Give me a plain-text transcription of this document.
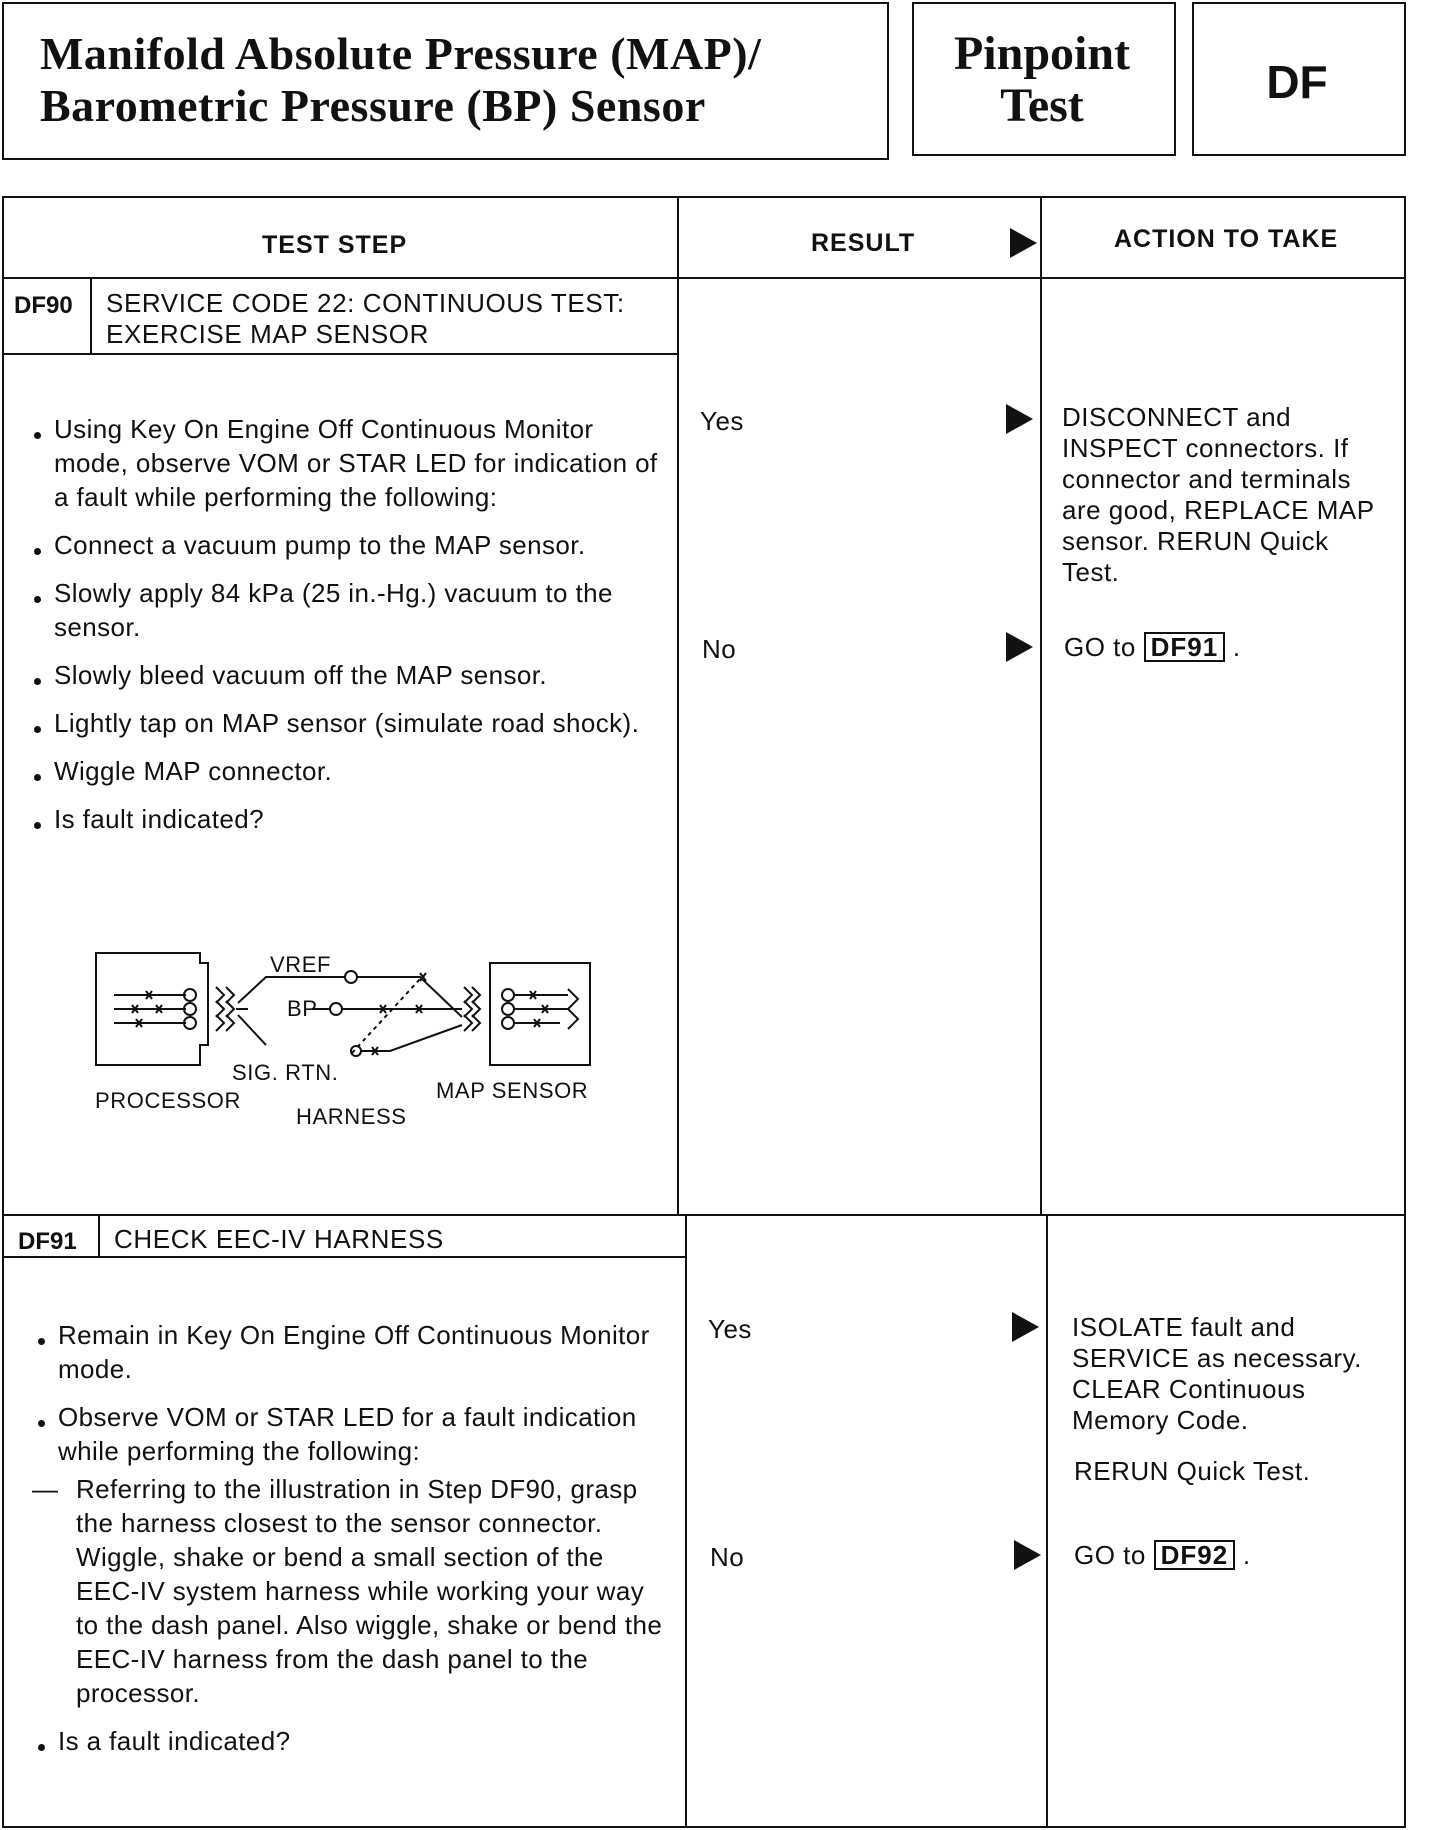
Manifold Absolute Pressure (MAP)/
Barometric Pressure (BP) Sensor
Pinpoint
Test	DF
TEST STEP	RESULT	ACTION TO TAKE
DF90 SERVICE CODE 22: CONTINUOUS TEST:
EXERCISE MAP SENSOR
Using Key On Engine Off Continuous Monitor mode, observe VOM or STAR LED for indication of a fault while performing the following:
Connect a vacuum pump to the MAP sensor.
Slowly apply 84 kPa (25 in.-Hg.) vacuum to the sensor.
Slowly bleed vacuum off the MAP sensor.
Lightly tap on MAP sensor (simulate road shock).
Wiggle MAP connector.
Is fault indicated?
VREF
BP
SIG. RTN.
PROCESSOR
HARNESS
MAP SENSOR
Yes	DISCONNECT and INSPECT connectors. If connector and terminals are good, REPLACE MAP sensor. RERUN Quick Test.
No	GO to DF91 .
DF91 CHECK EEC-IV HARNESS
Remain in Key On Engine Off Continuous Monitor mode.
Observe VOM or STAR LED for a fault indication while performing the following:
— Referring to the illustration in Step DF90, grasp the harness closest to the sensor connector. Wiggle, shake or bend a small section of the EEC-IV system harness while working your way to the dash panel. Also wiggle, shake or bend the EEC-IV harness from the dash panel to the processor.
Is a fault indicated?
Yes	ISOLATE fault and SERVICE as necessary. CLEAR Continuous Memory Code.
RERUN Quick Test.
No	GO to DF92 .
